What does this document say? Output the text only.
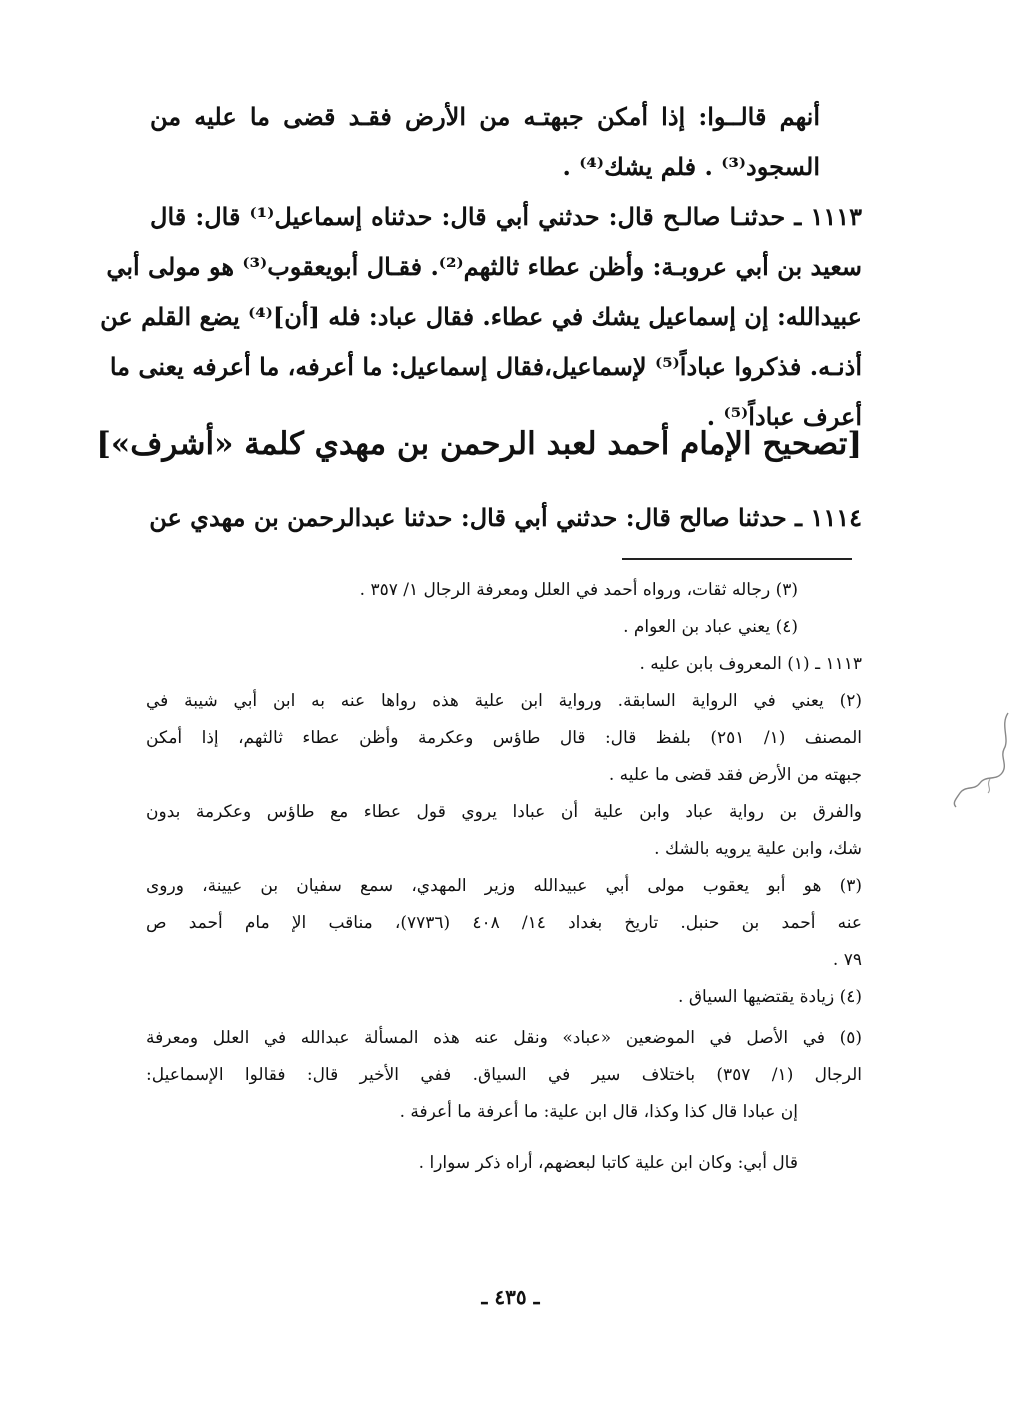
أنهم قالــوا: إذا أمكن جبهتـه من الأرض فقـد قضى ما عليه من
السجود⁽³⁾ . فلم يشك⁽⁴⁾ .
١١١٣ ـ حدثنـا صالـح قال: حدثني أبي قال: حدثناه إسماعيل⁽¹⁾ قال: قال
سعيد بن أبي عروبـة: وأظن عطاء ثالثهم⁽²⁾. فقـال أبويعقوب⁽³⁾ هو مولى أبي
عبيدالله: إن إسماعيل يشك في عطاء. فقال عباد: فله [أن]⁽⁴⁾ يضع القلم عن
أذنـه. فذكروا عباداً⁽⁵⁾ لإسماعيل،فقال إسماعيل: ما أعرفه، ما أعرفه يعنى ما
أعرف عباداً⁽⁵⁾ .
[تصحيح الإمام أحمد لعبد الرحمن بن مهدي كلمة «أشرف»]
١١١٤ ـ حدثنا صالح قال: حدثني أبي قال: حدثنا عبدالرحمن بن مهدي عن
(٣) رجاله ثقات، ورواه أحمد في العلل ومعرفة الرجال ١/ ٣٥٧ .
(٤) يعني عباد بن العوام .
١١١٣ ـ (١) المعروف بابن عليه .
(٢) يعني في الرواية السابقة. ورواية ابن علية هذه رواها عنه به ابن أبي شيبة في
المصنف (١/ ٢٥١) بلفظ قال: قال طاؤس وعكرمة وأظن عطاء ثالثهم، إذا أمكن
جبهته من الأرض فقد قضى ما عليه .
والفرق بن رواية عباد وابن علية أن عبادا يروي قول عطاء مع طاؤس وعكرمة بدون
شك، وابن علية يرويه بالشك .
(٣) هو أبو يعقوب مولى أبي عبيدالله وزير المهدي، سمع سفيان بن عيينة، وروى
عنه أحمد بن حنبل. تاريخ بغداد ١٤/ ٤٠٨ (٧٧٣٦)، مناقب الإ مام أحمد ص
٧٩ .
(٤) زيادة يقتضيها السياق .
(٥) في الأصل في الموضعين «عباد» ونقل عنه هذه المسألة عبدالله في العلل ومعرفة
الرجال (١/ ٣٥٧) باختلاف سير في السياق. ففي الأخير قال: فقالوا الإسماعيل:
إن عبادا قال كذا وكذا، قال ابن علية: ما أعرفة ما أعرفة .
قال أبي: وكان ابن علية كاتبا لبعضهم، أراه ذكر سوارا .
ـ ٤٣٥ ـ
